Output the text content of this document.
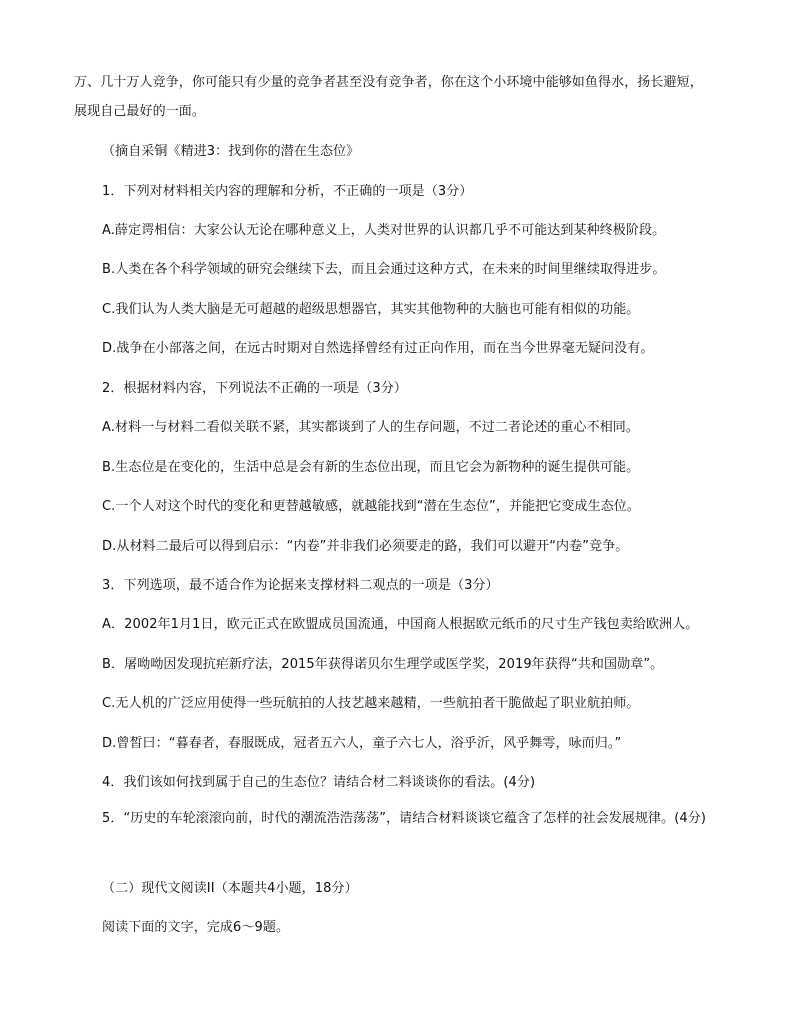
万、几十万人竞争，你可能只有少量的竞争者甚至没有竞争者，你在这个小环境中能够如鱼得水，扬长避短，
展现自己最好的一面。
（摘自采铜《精进3：找到你的潜在生态位》
1．下列对材料相关内容的理解和分析，不正确的一项是（3分）
A.薛定谔相信：大家公认无论在哪种意义上，人类对世界的认识都几乎不可能达到某种终极阶段。
B.人类在各个科学领域的研究会继续下去，而且会通过这种方式，在未来的时间里继续取得进步。
C.我们认为人类大脑是无可超越的超级思想器官，其实其他物种的大脑也可能有相似的功能。
D.战争在小部落之间，在远古时期对自然选择曾经有过正向作用，而在当今世界毫无疑问没有。
2．根据材料内容，下列说法不正确的一项是（3分）
A.材料一与材料二看似关联不紧，其实都谈到了人的生存问题，不过二者论述的重心不相同。
B.生态位是在变化的，生活中总是会有新的生态位出现，而且它会为新物种的诞生提供可能。
C.一个人对这个时代的变化和更替越敏感，就越能找到“潜在生态位”，并能把它变成生态位。
D.从材料二最后可以得到启示：“内卷”并非我们必须要走的路，我们可以避开“内卷”竞争。
3．下列选项，最不适合作为论据来支撑材料二观点的一项是（3分）
A．2002年1月1日，欧元正式在欧盟成员国流通，中国商人根据欧元纸币的尺寸生产钱包卖给欧洲人。
B．屠呦呦因发现抗疟新疗法，2015年获得诺贝尔生理学或医学奖，2019年获得“共和国勋章”。
C.无人机的广泛应用使得一些玩航拍的人技艺越来越精，一些航拍者干脆做起了职业航拍师。
D.曾皙曰：“暮春者，春服既成，冠者五六人，童子六七人，浴乎沂，风乎舞雩，咏而归。”
4．我们该如何找到属于自己的生态位？请结合材二料谈谈你的看法。(4分)
5．“历史的车轮滚滚向前，时代的潮流浩浩荡荡”，请结合材料谈谈它蕴含了怎样的社会发展规律。(4分)
（二）现代文阅读II（本题共4小题，18分）
阅读下面的文字，完成6～9题。
